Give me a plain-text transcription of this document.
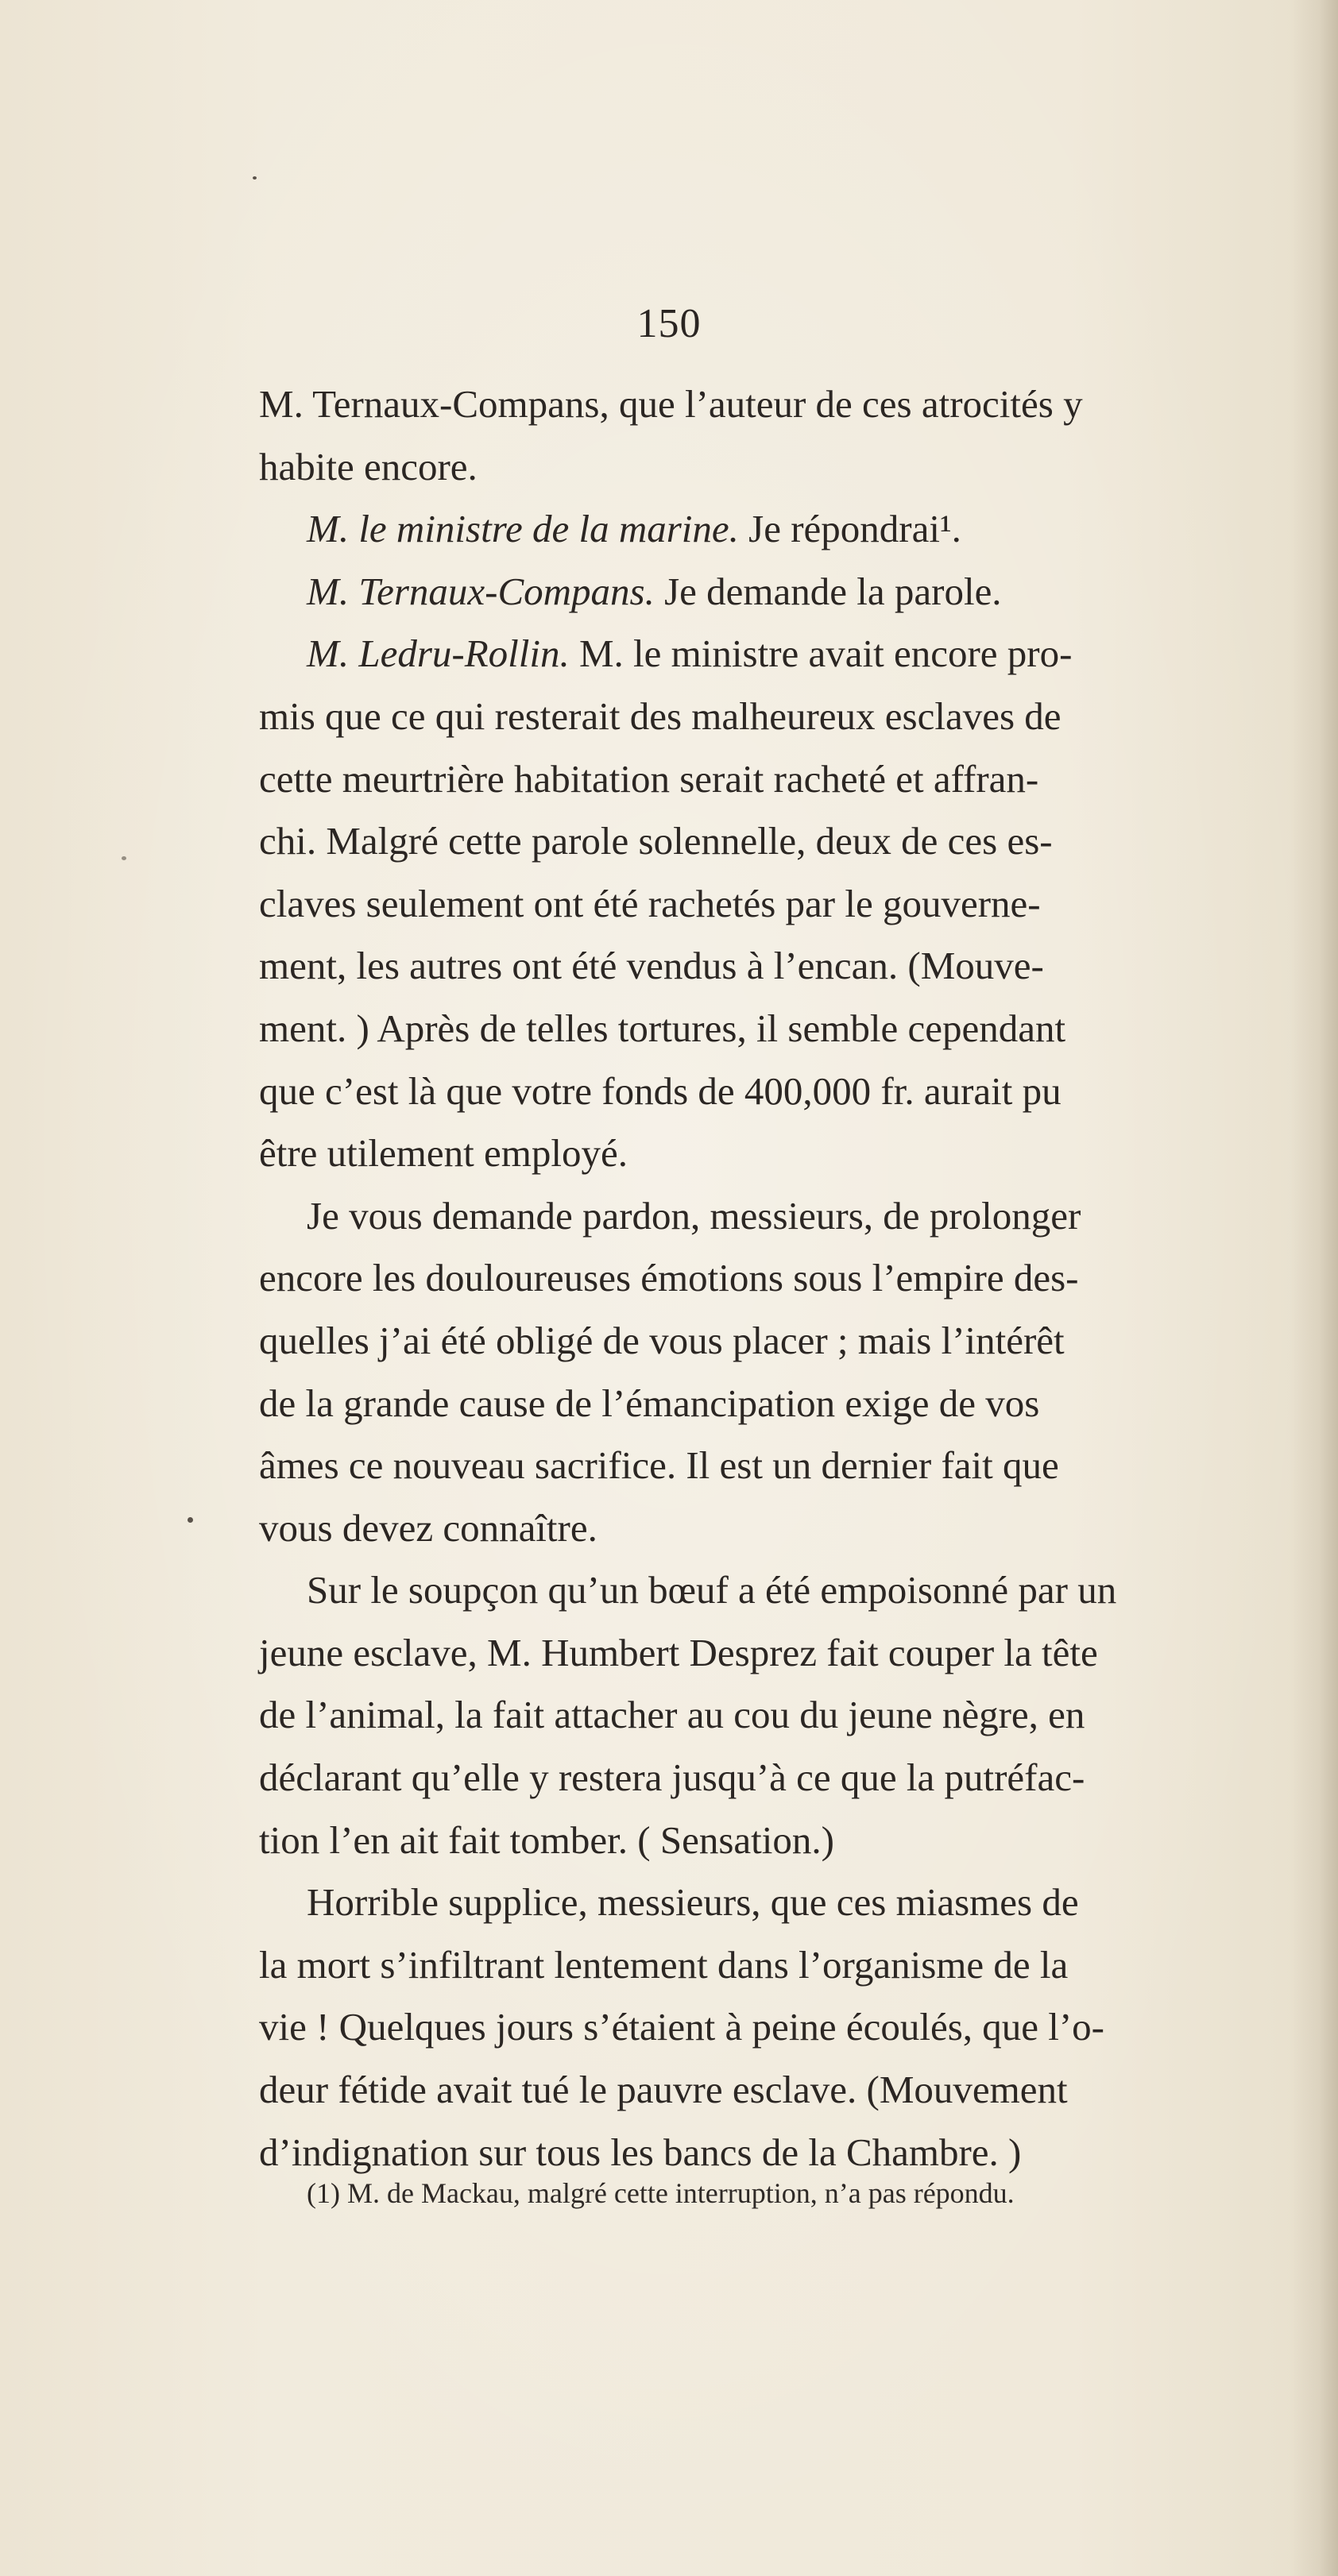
150
M. Ternaux-Compans, que l’auteur de ces atrocités y
habite encore.
M. le ministre de la marine. Je répondrai¹.
M. Ternaux-Compans. Je demande la parole.
M. Ledru-Rollin. M. le ministre avait encore pro-
mis que ce qui resterait des malheureux esclaves de
cette meurtrière habitation serait racheté et affran-
chi. Malgré cette parole solennelle, deux de ces es-
claves seulement ont été rachetés par le gouverne-
ment, les autres ont été vendus à l’encan. (Mouve-
ment. ) Après de telles tortures, il semble cependant
que c’est là que votre fonds de 400,000 fr. aurait pu
être utilement employé.
Je vous demande pardon, messieurs, de prolonger
encore les douloureuses émotions sous l’empire des-
quelles j’ai été obligé de vous placer ; mais l’intérêt
de la grande cause de l’émancipation exige de vos
âmes ce nouveau sacrifice. Il est un dernier fait que
vous devez connaître.
Sur le soupçon qu’un bœuf a été empoisonné par un
jeune esclave, M. Humbert Desprez fait couper la tête
de l’animal, la fait attacher au cou du jeune nègre, en
déclarant qu’elle y restera jusqu’à ce que la putréfac-
tion l’en ait fait tomber. ( Sensation.)
Horrible supplice, messieurs, que ces miasmes de
la mort s’infiltrant lentement dans l’organisme de la
vie ! Quelques jours s’étaient à peine écoulés, que l’o-
deur fétide avait tué le pauvre esclave. (Mouvement
d’indignation sur tous les bancs de la Chambre. )
(1) M. de Mackau, malgré cette interruption, n’a pas répondu.
